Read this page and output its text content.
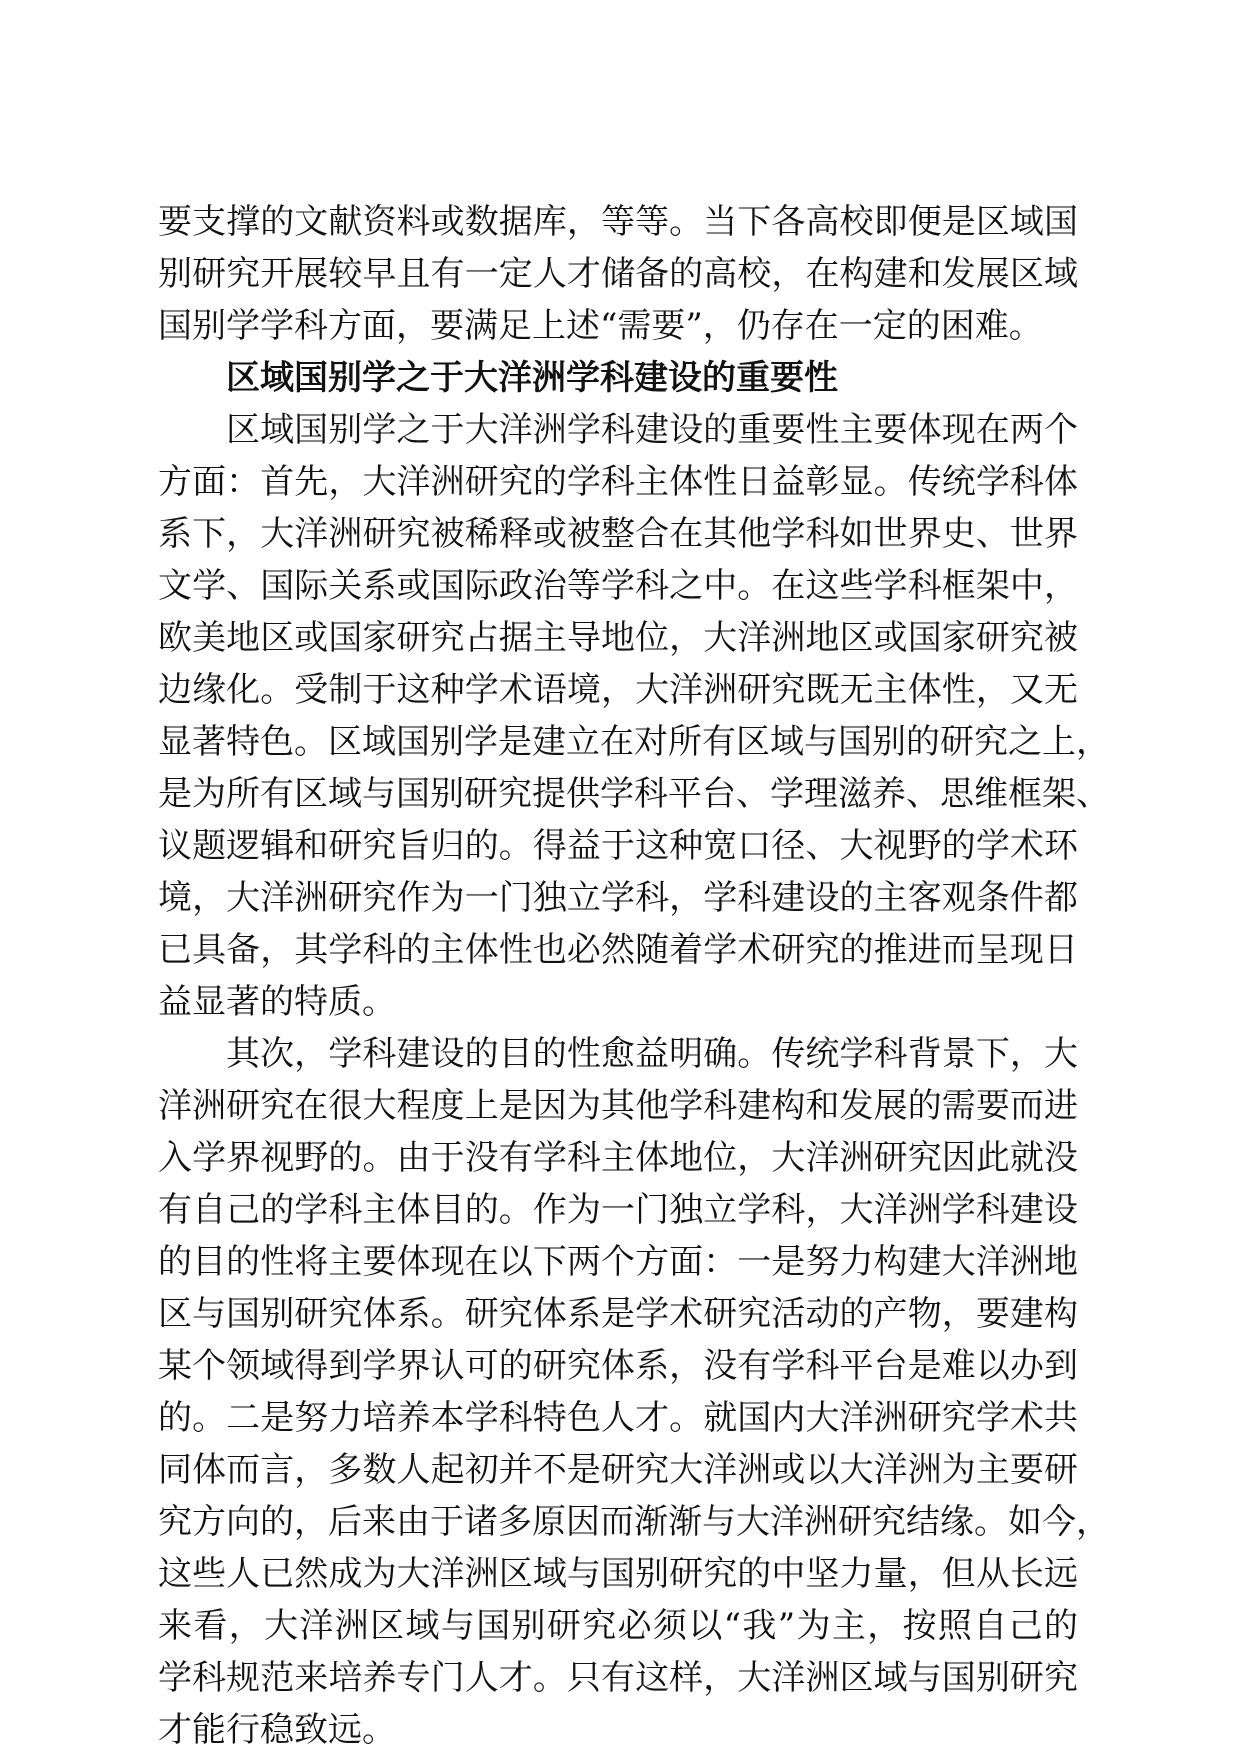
要支撑的文献资料或数据库，等等。当下各高校即便是区域国
别研究开展较早且有一定人才储备的高校，在构建和发展区域
国别学学科方面，要满足上述“需要”，仍存在一定的困难。
区域国别学之于大洋洲学科建设的重要性
区域国别学之于大洋洲学科建设的重要性主要体现在两个
方面：首先，大洋洲研究的学科主体性日益彰显。传统学科体
系下，大洋洲研究被稀释或被整合在其他学科如世界史、世界
文学、国际关系或国际政治等学科之中。在这些学科框架中，
欧美地区或国家研究占据主导地位，大洋洲地区或国家研究被
边缘化。受制于这种学术语境，大洋洲研究既无主体性，又无
显著特色。区域国别学是建立在对所有区域与国别的研究之上，
是为所有区域与国别研究提供学科平台、学理滋养、思维框架、
议题逻辑和研究旨归的。得益于这种宽口径、大视野的学术环
境，大洋洲研究作为一门独立学科，学科建设的主客观条件都
已具备，其学科的主体性也必然随着学术研究的推进而呈现日
益显著的特质。
其次，学科建设的目的性愈益明确。传统学科背景下，大
洋洲研究在很大程度上是因为其他学科建构和发展的需要而进
入学界视野的。由于没有学科主体地位，大洋洲研究因此就没
有自己的学科主体目的。作为一门独立学科，大洋洲学科建设
的目的性将主要体现在以下两个方面：一是努力构建大洋洲地
区与国别研究体系。研究体系是学术研究活动的产物，要建构
某个领域得到学界认可的研究体系，没有学科平台是难以办到
的。二是努力培养本学科特色人才。就国内大洋洲研究学术共
同体而言，多数人起初并不是研究大洋洲或以大洋洲为主要研
究方向的，后来由于诸多原因而渐渐与大洋洲研究结缘。如今，
这些人已然成为大洋洲区域与国别研究的中坚力量，但从长远
来看，大洋洲区域与国别研究必须以“我”为主，按照自己的
学科规范来培养专门人才。只有这样，大洋洲区域与国别研究
才能行稳致远。
